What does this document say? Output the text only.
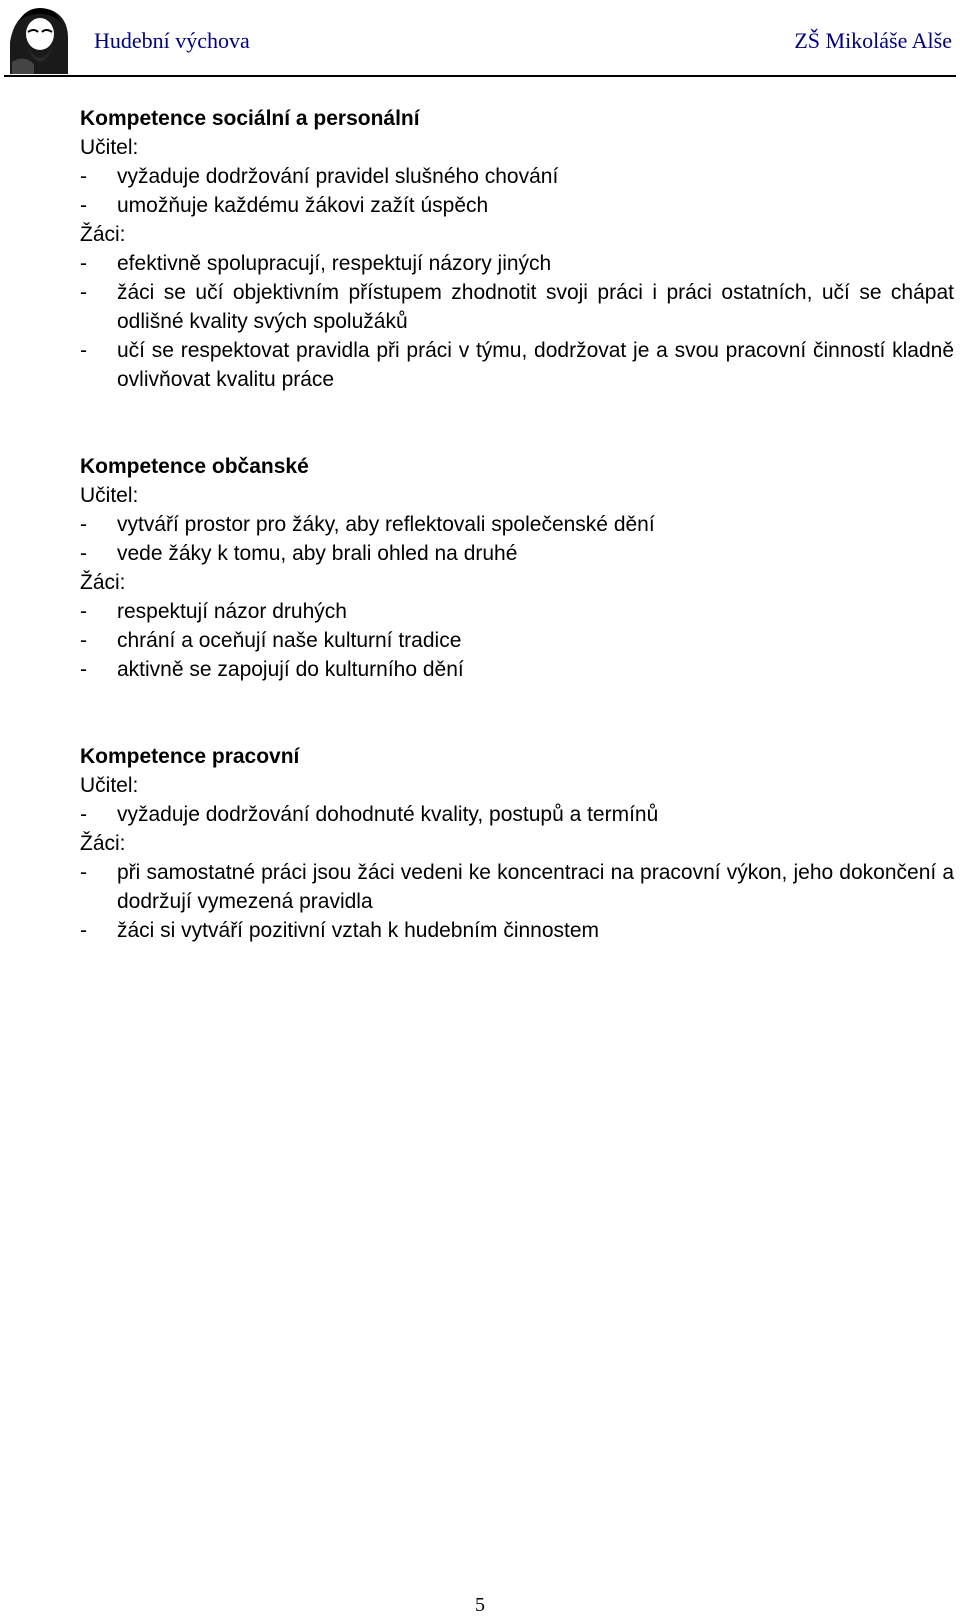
Hudební výchova	ZŠ Mikoláše Alše
Kompetence sociální a personální
Učitel:
- vyžaduje dodržování pravidel slušného chování
- umožňuje každému žákovi zažít úspěch
Žáci:
- efektivně spolupracují, respektují názory jiných
- žáci se učí objektivním přístupem zhodnotit svoji práci i práci ostatních, učí se chápat odlišné kvality svých spolužáků
- učí se respektovat pravidla při práci v týmu, dodržovat je a svou pracovní činností kladně ovlivňovat kvalitu práce
Kompetence občanské
Učitel:
- vytváří prostor pro žáky, aby reflektovali společenské dění
- vede žáky k tomu, aby brali ohled na druhé
Žáci:
- respektují názor druhých
- chrání a oceňují naše kulturní tradice
- aktivně se zapojují do kulturního dění
Kompetence pracovní
Učitel:
- vyžaduje dodržování dohodnuté kvality, postupů a termínů
Žáci:
- při samostatné práci jsou žáci vedeni ke koncentraci na pracovní výkon, jeho dokončení a dodržují vymezená pravidla
- žáci si vytváří pozitivní vztah k hudebním činnostem
5
